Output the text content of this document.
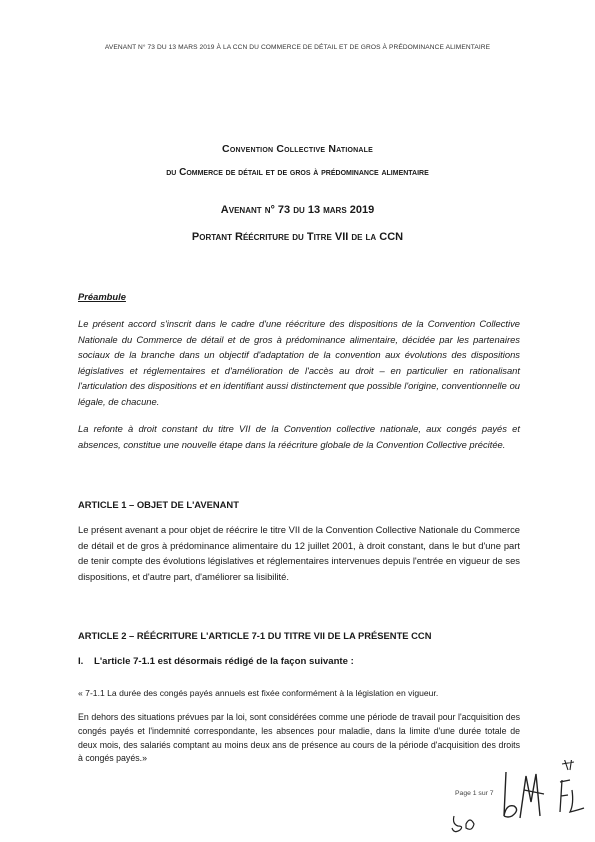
AVENANT N° 73 DU 13 MARS 2019 À LA CCN DU COMMERCE DE DÉTAIL ET DE GROS À PRÉDOMINANCE ALIMENTAIRE
Convention Collective Nationale
du Commerce de détail et de gros à prédominance alimentaire
Avenant n° 73 du 13 mars 2019
Portant Réécriture du Titre VII de la CCN
Préambule
Le présent accord s'inscrit dans le cadre d'une réécriture des dispositions de la Convention Collective Nationale du Commerce de détail et de gros à prédominance alimentaire, décidée par les partenaires sociaux de la branche dans un objectif d'adaptation de la convention aux évolutions des dispositions législatives et réglementaires et d'amélioration de l'accès au droit – en particulier en rationalisant l'articulation des dispositions et en identifiant aussi distinctement que possible l'origine, conventionnelle ou légale, de chacune.
La refonte à droit constant du titre VII de la Convention collective nationale, aux congés payés et absences, constitue une nouvelle étape dans la réécriture globale de la Convention Collective précitée.
ARTICLE 1 – OBJET DE L'AVENANT
Le présent avenant a pour objet de réécrire le titre VII de la Convention Collective Nationale du Commerce de détail et de gros à prédominance alimentaire du 12 juillet 2001, à droit constant, dans le but d'une part de tenir compte des évolutions législatives et réglementaires intervenues depuis l'entrée en vigueur de ses dispositions, et d'autre part, d'améliorer sa lisibilité.
ARTICLE 2 – RÉÉCRITURE L'ARTICLE 7-1 DU TITRE VII DE LA PRÉSENTE CCN
I. L'article 7-1.1 est désormais rédigé de la façon suivante :
« 7-1.1 La durée des congés payés annuels est fixée conformément à la législation en vigueur.
En dehors des situations prévues par la loi, sont considérées comme une période de travail pour l'acquisition des congés payés et l'indemnité correspondante, les absences pour maladie, dans la limite d'une durée totale de deux mois, des salariés comptant au moins deux ans de présence au cours de la période d'acquisition des droits à congés payés.»
Page 1 sur 7
